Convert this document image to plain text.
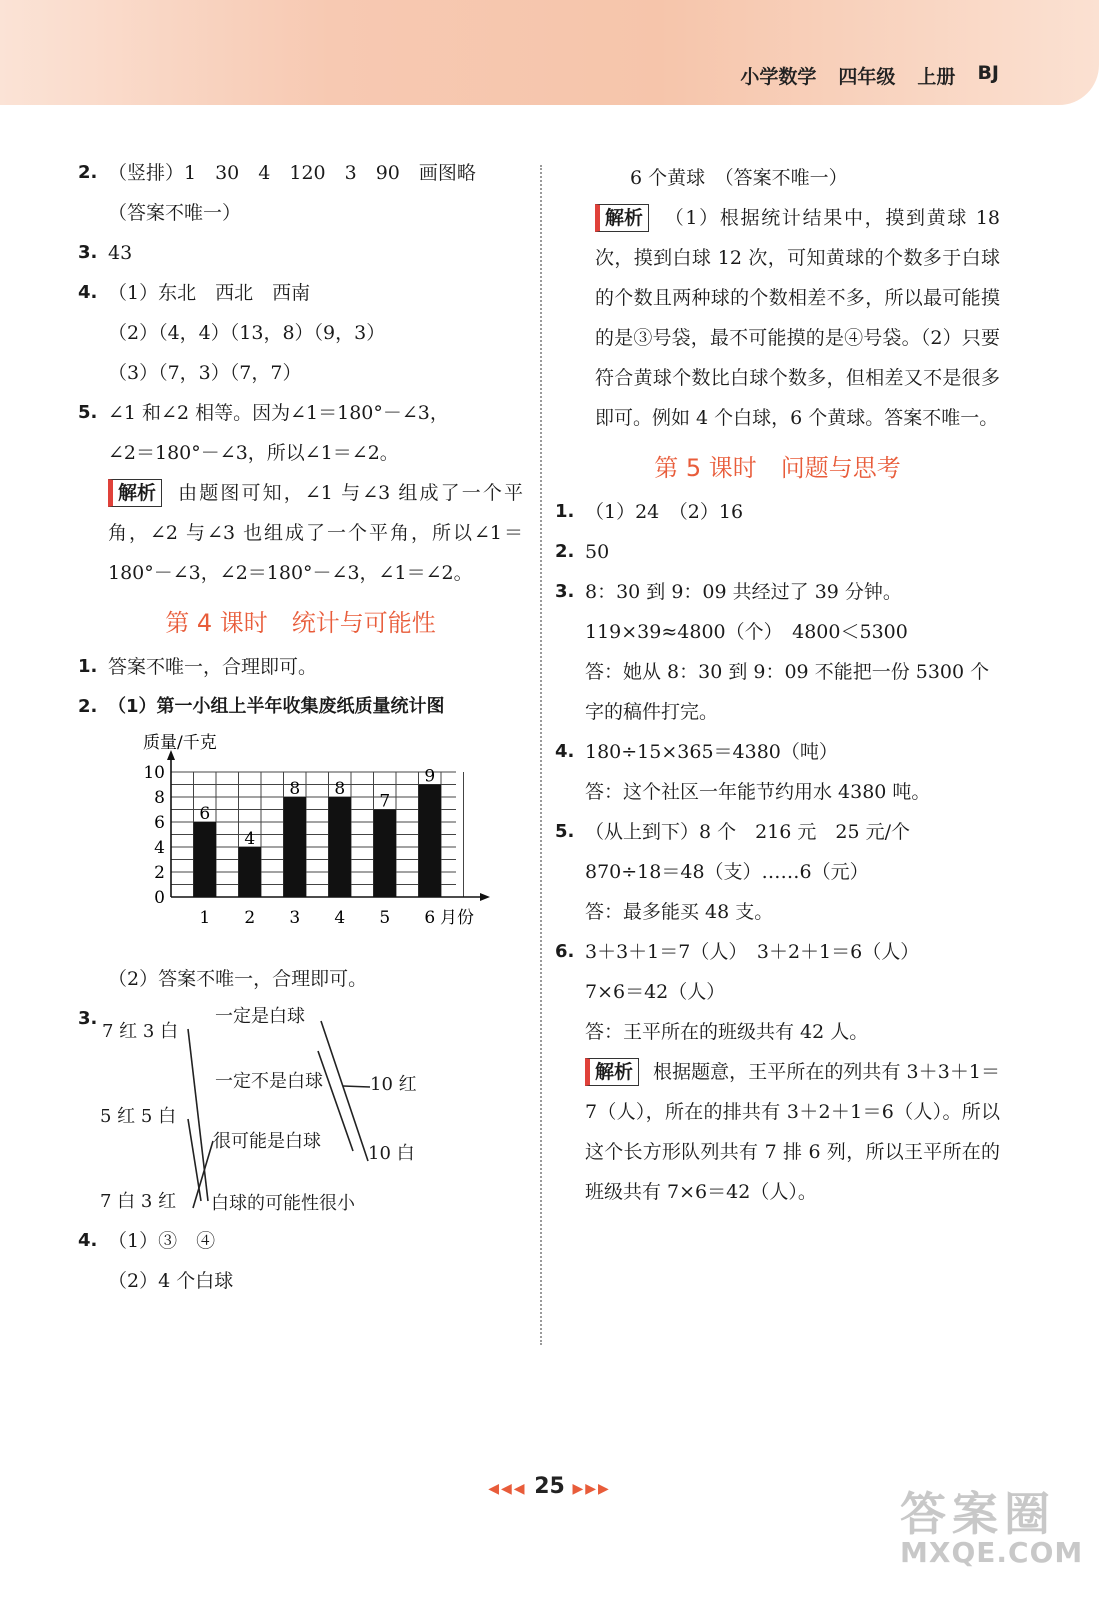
小学数学 四年级 上册 BJ
2. （竖排）1　30　4　120　3　90　画图略
（答案不唯一）
3. 43
4. （1）东北　西北　西南
（2）（4，4）（13，8）（9，3）
（3）（7，3）（7，7）
5. ∠1 和∠2 相等。因为∠1＝180°－∠3，
∠2＝180°－∠3，所以∠1＝∠2。
解析 由题图可知，∠1 与∠3 组成了一个平角，∠2 与∠3 也组成了一个平角，所以∠1＝180°－∠3，∠2＝180°－∠3，∠1＝∠2。
第 4 课时　统计与可能性
1. 答案不唯一，合理即可。
2. （1）第一小组上半年收集废纸质量统计图
0
2
4
6
8
10
6
1
4
2
8
3
8
4
7
5
9
6
质量/千克
月份
（2）答案不唯一，合理即可。
3.
7 红 3 白
5 红 5 白
7 白 3 红
一定是白球
一定不是白球
很可能是白球
白球的可能性很小
10 红
10 白
4. （1）③　④
（2）4 个白球
6 个黄球　（答案不唯一）
解析 （1）根据统计结果中，摸到黄球 18 次，摸到白球 12 次，可知黄球的个数多于白球的个数且两种球的个数相差不多，所以最可能摸的是③号袋，最不可能摸的是④号袋。（2）只要符合黄球个数比白球个数多，但相差又不是很多即可。例如 4 个白球，6 个黄球。答案不唯一。
第 5 课时　问题与思考
1. （1）24　（2）16
2. 50
3. 8：30 到 9：09 共经过了 39 分钟。
119×39≈4800（个）　4800＜5300
答：她从 8：30 到 9：09 不能把一份 5300 个字的稿件打完。
4. 180÷15×365＝4380（吨）
答：这个社区一年能节约用水 4380 吨。
5. （从上到下）8 个　216 元　25 元/个
870÷18＝48（支）……6（元）
答：最多能买 48 支。
6. 3＋3＋1＝7（人）　3＋2＋1＝6（人）
7×6＝42（人）
答：王平所在的班级共有 42 人。
解析 根据题意，王平所在的列共有 3＋3＋1＝7（人），所在的排共有 3＋2＋1＝6（人）。所以这个长方形队列共有 7 排 6 列，所以王平所在的班级共有 7×6＝42（人）。
◀◀◀ 25 ▶▶▶	答案圈
MXQE.COM
